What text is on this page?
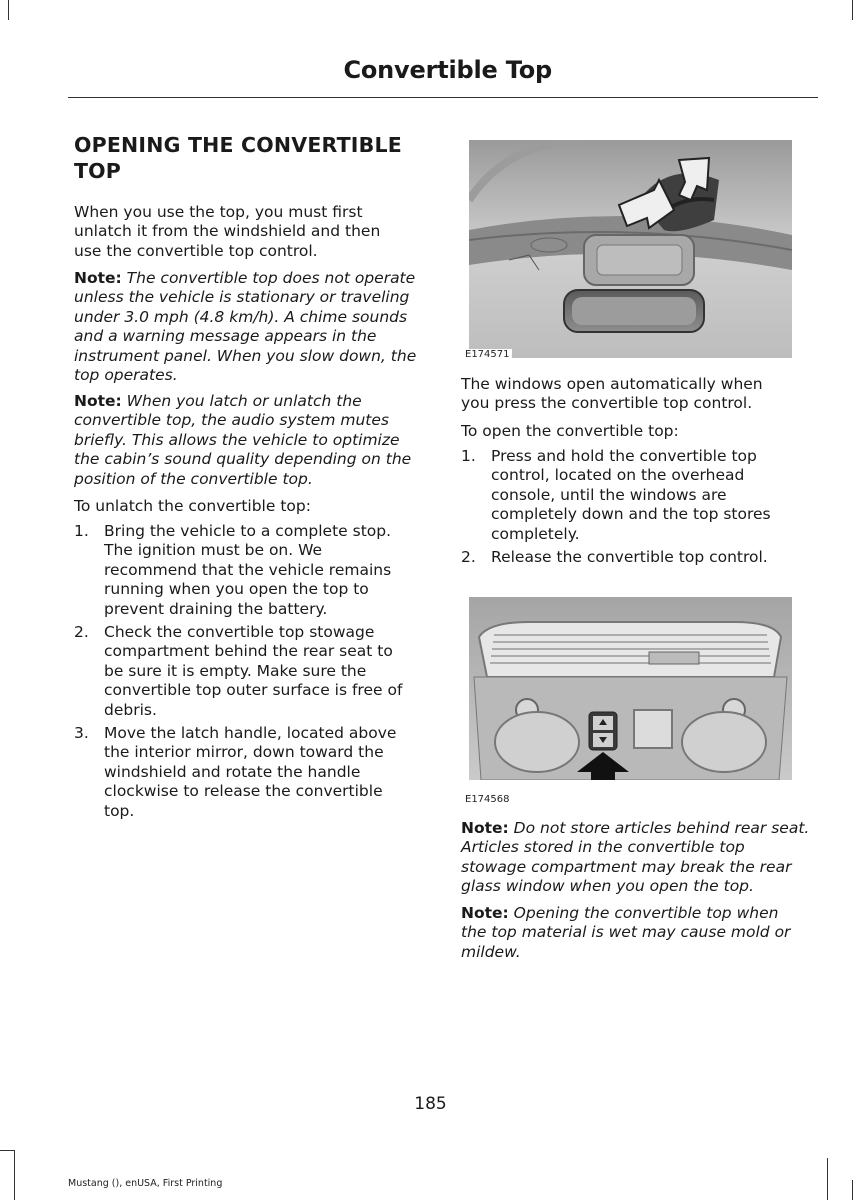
Convertible Top
OPENING THE CONVERTIBLE
TOP
When you use the top, you must first
unlatch it from the windshield and then
use the convertible top control.
Note: The convertible top does not operate
unless the vehicle is stationary or traveling
under 3.0 mph (4.8 km/h). A chime sounds
and a warning message appears in the
instrument panel. When you slow down, the
top operates.
Note: When you latch or unlatch the
convertible top, the audio system mutes
briefly. This allows the vehicle to optimize
the cabin’s sound quality depending on the
position of the convertible top.
To unlatch the convertible top:
1. Bring the vehicle to a complete stop.
The ignition must be on. We
recommend that the vehicle remains
running when you open the top to
prevent draining the battery.
2. Check the convertible top stowage
compartment behind the rear seat to
be sure it is empty. Make sure the
convertible top outer surface is free of
debris.
3. Move the latch handle, located above
the interior mirror, down toward the
windshield and rotate the handle
clockwise to release the convertible
top.
E174571
The windows open automatically when
you press the convertible top control.
To open the convertible top:
1. Press and hold the convertible top
control, located on the overhead
console, until the windows are
completely down and the top stores
completely.
2. Release the convertible top control.
E174568
Note: Do not store articles behind rear seat.
Articles stored in the convertible top
stowage compartment may break the rear
glass window when you open the top.
Note: Opening the convertible top when
the top material is wet may cause mold or
mildew.
185
Mustang (), enUSA, First Printing
